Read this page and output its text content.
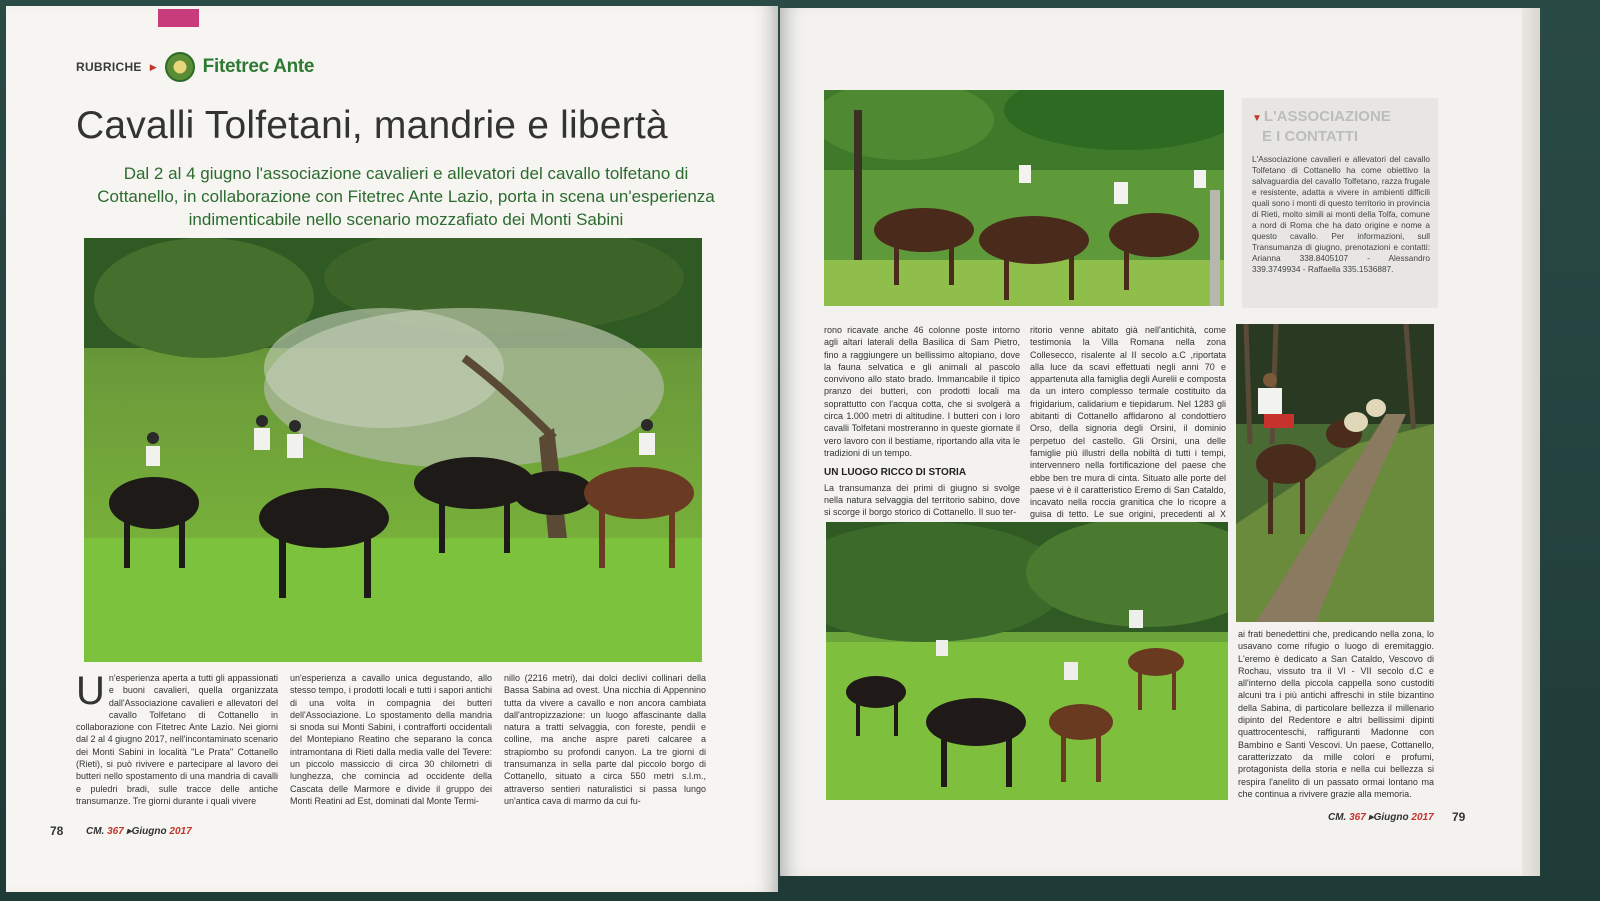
RUBRICHE ▶ Fitetrec Ante
Cavalli Tolfetani, mandrie e libertà

Dal 2 al 4 giugno l'associazione cavalieri e allevatori del cavallo tolfetano di Cottanello, in collaborazione con Fitetrec Ante Lazio, porta in scena un'esperienza indimenticabile nello scenario mozzafiato dei Monti Sabini

Un'esperienza aperta a tutti gli appassionati e buoni cavalieri, quella organizzata dall'Associazione cavalieri e allevatori del cavallo Tolfetano di Cottanello in collaborazione con Fitetrec Ante Lazio. Nei giorni dal 2 al 4 giugno 2017, nell'incontaminato scenario dei Monti Sabini in località "Le Prata" Cottanello (Rieti), si può rivivere e partecipare al lavoro dei butteri nello spostamento di una mandria di cavalli e puledri bradi, sulle tracce delle antiche transumanze. Tre giorni durante i quali vivere
un'esperienza a cavallo unica degustando, allo stesso tempo, i prodotti locali e tutti i sapori antichi di una volta in compagnia dei butteri dell'Associazione. Lo spostamento della mandria si snoda sui Monti Sabini, i contrafforti occidentali del Montepiano Reatino che separano la conca intramontana di Rieti dalla media valle del Tevere: un piccolo massiccio di circa 30 chilometri di lunghezza, che comincia ad occidente della Cascata delle Marmore e divide il gruppo dei Monti Reatini ad Est, dominati dal Monte Termi-
nillo (2216 metri), dai dolci declivi collinari della Bassa Sabina ad ovest. Una nicchia di Appennino tutta da vivere a cavallo e non ancora cambiata dall'antropizzazione: un luogo affascinante dalla natura a tratti selvaggia, con foreste, pendii e colline, ma anche aspre pareti calcaree a strapiombo su profondi canyon. La tre giorni di transumanza in sella parte dal piccolo borgo di Cottanello, situato a circa 550 metri s.l.m., attraverso sentieri naturalistici si passa lungo un'antica cava di marmo da cui fu-
78 CM. 367 ▸Giugno 2017
▼ L'ASSOCIAZIONE
E I CONTATTI
L'Associazione cavalieri e allevatori del cavallo Tolfetano di Cottanello ha come obiettivo la salvaguardia del cavallo Tolfetano, razza frugale e resistente, adatta a vivere in ambienti difficili quali sono i monti di questo territorio in provincia di Rieti, molto simili ai monti della Tolfa, comune a nord di Roma che ha dato origine e nome a questo cavallo. Per informazioni, sull Transumanza di giugno, prenotazioni e contatti: Arianna 338.8405107 - Alessandro 339.3749934 - Raffaella 335.1536887.
rono ricavate anche 46 colonne poste intorno agli altari laterali della Basilica di Sam Pietro, fino a raggiungere un bellissimo altopiano, dove la fauna selvatica e gli animali al pascolo convivono allo stato brado. Immancabile il tipico pranzo dei butteri, con prodotti locali ma soprattutto con l'acqua cotta, che si svolgerà a circa 1.000 metri di altitudine. I butteri con i loro cavalli Tolfetani mostreranno in queste giornate il vero lavoro con il bestiame, riportando alla vita le tradizioni di un tempo.
UN LUOGO RICCO DI STORIA
La transumanza dei primi di giugno si svolge nella natura selvaggia del territorio sabino, dove si scorge il borgo storico di Cottanello. Il suo ter-
ritorio venne abitato già nell'antichità, come testimonia la Villa Romana nella zona Collesecco, risalente al II secolo a.C ,riportata alla luce da scavi effettuati negli anni 70 e appartenuta alla famiglia degli Aurelii e composta da un intero complesso termale costituito da frigidarium, calidarium e tiepidarum. Nel 1283 gli abitanti di Cottanello affidarono al condottiero Orso, della signoria degli Orsini, il dominio perpetuo del castello. Gli Orsini, una delle famiglie più illustri della nobiltà di tutti i tempi, intervennero nella fortificazione del paese che ebbe ben tre mura di cinta. Situato alle porte del paese vi è il caratteristico Eremo di San Cataldo, incavato nella roccia granitica che lo ricopre a guisa di tetto. Le sue origini, precedenti al X
ai frati benedettini che, predicando nella zona, lo usavano come rifugio o luogo di eremitaggio. L'eremo è dedicato a San Cataldo, Vescovo di Rochau, vissuto tra il VI - VII secolo d.C e all'interno della piccola cappella sono custoditi alcuni tra i più antichi affreschi in stile bizantino della Sabina, di particolare bellezza il millenario dipinto del Redentore e altri bellissimi dipinti quattrocenteschi, raffiguranti Madonne con Bambino e Santi Vescovi. Un paese, Cottanello, caratterizzato da mille colori e profumi, protagonista della storia e nella cui bellezza si respira l'anelito di un passato ormai lontano ma che continua a rivivere grazie alla memoria.
CM. 367 ▸Giugno 2017 79
